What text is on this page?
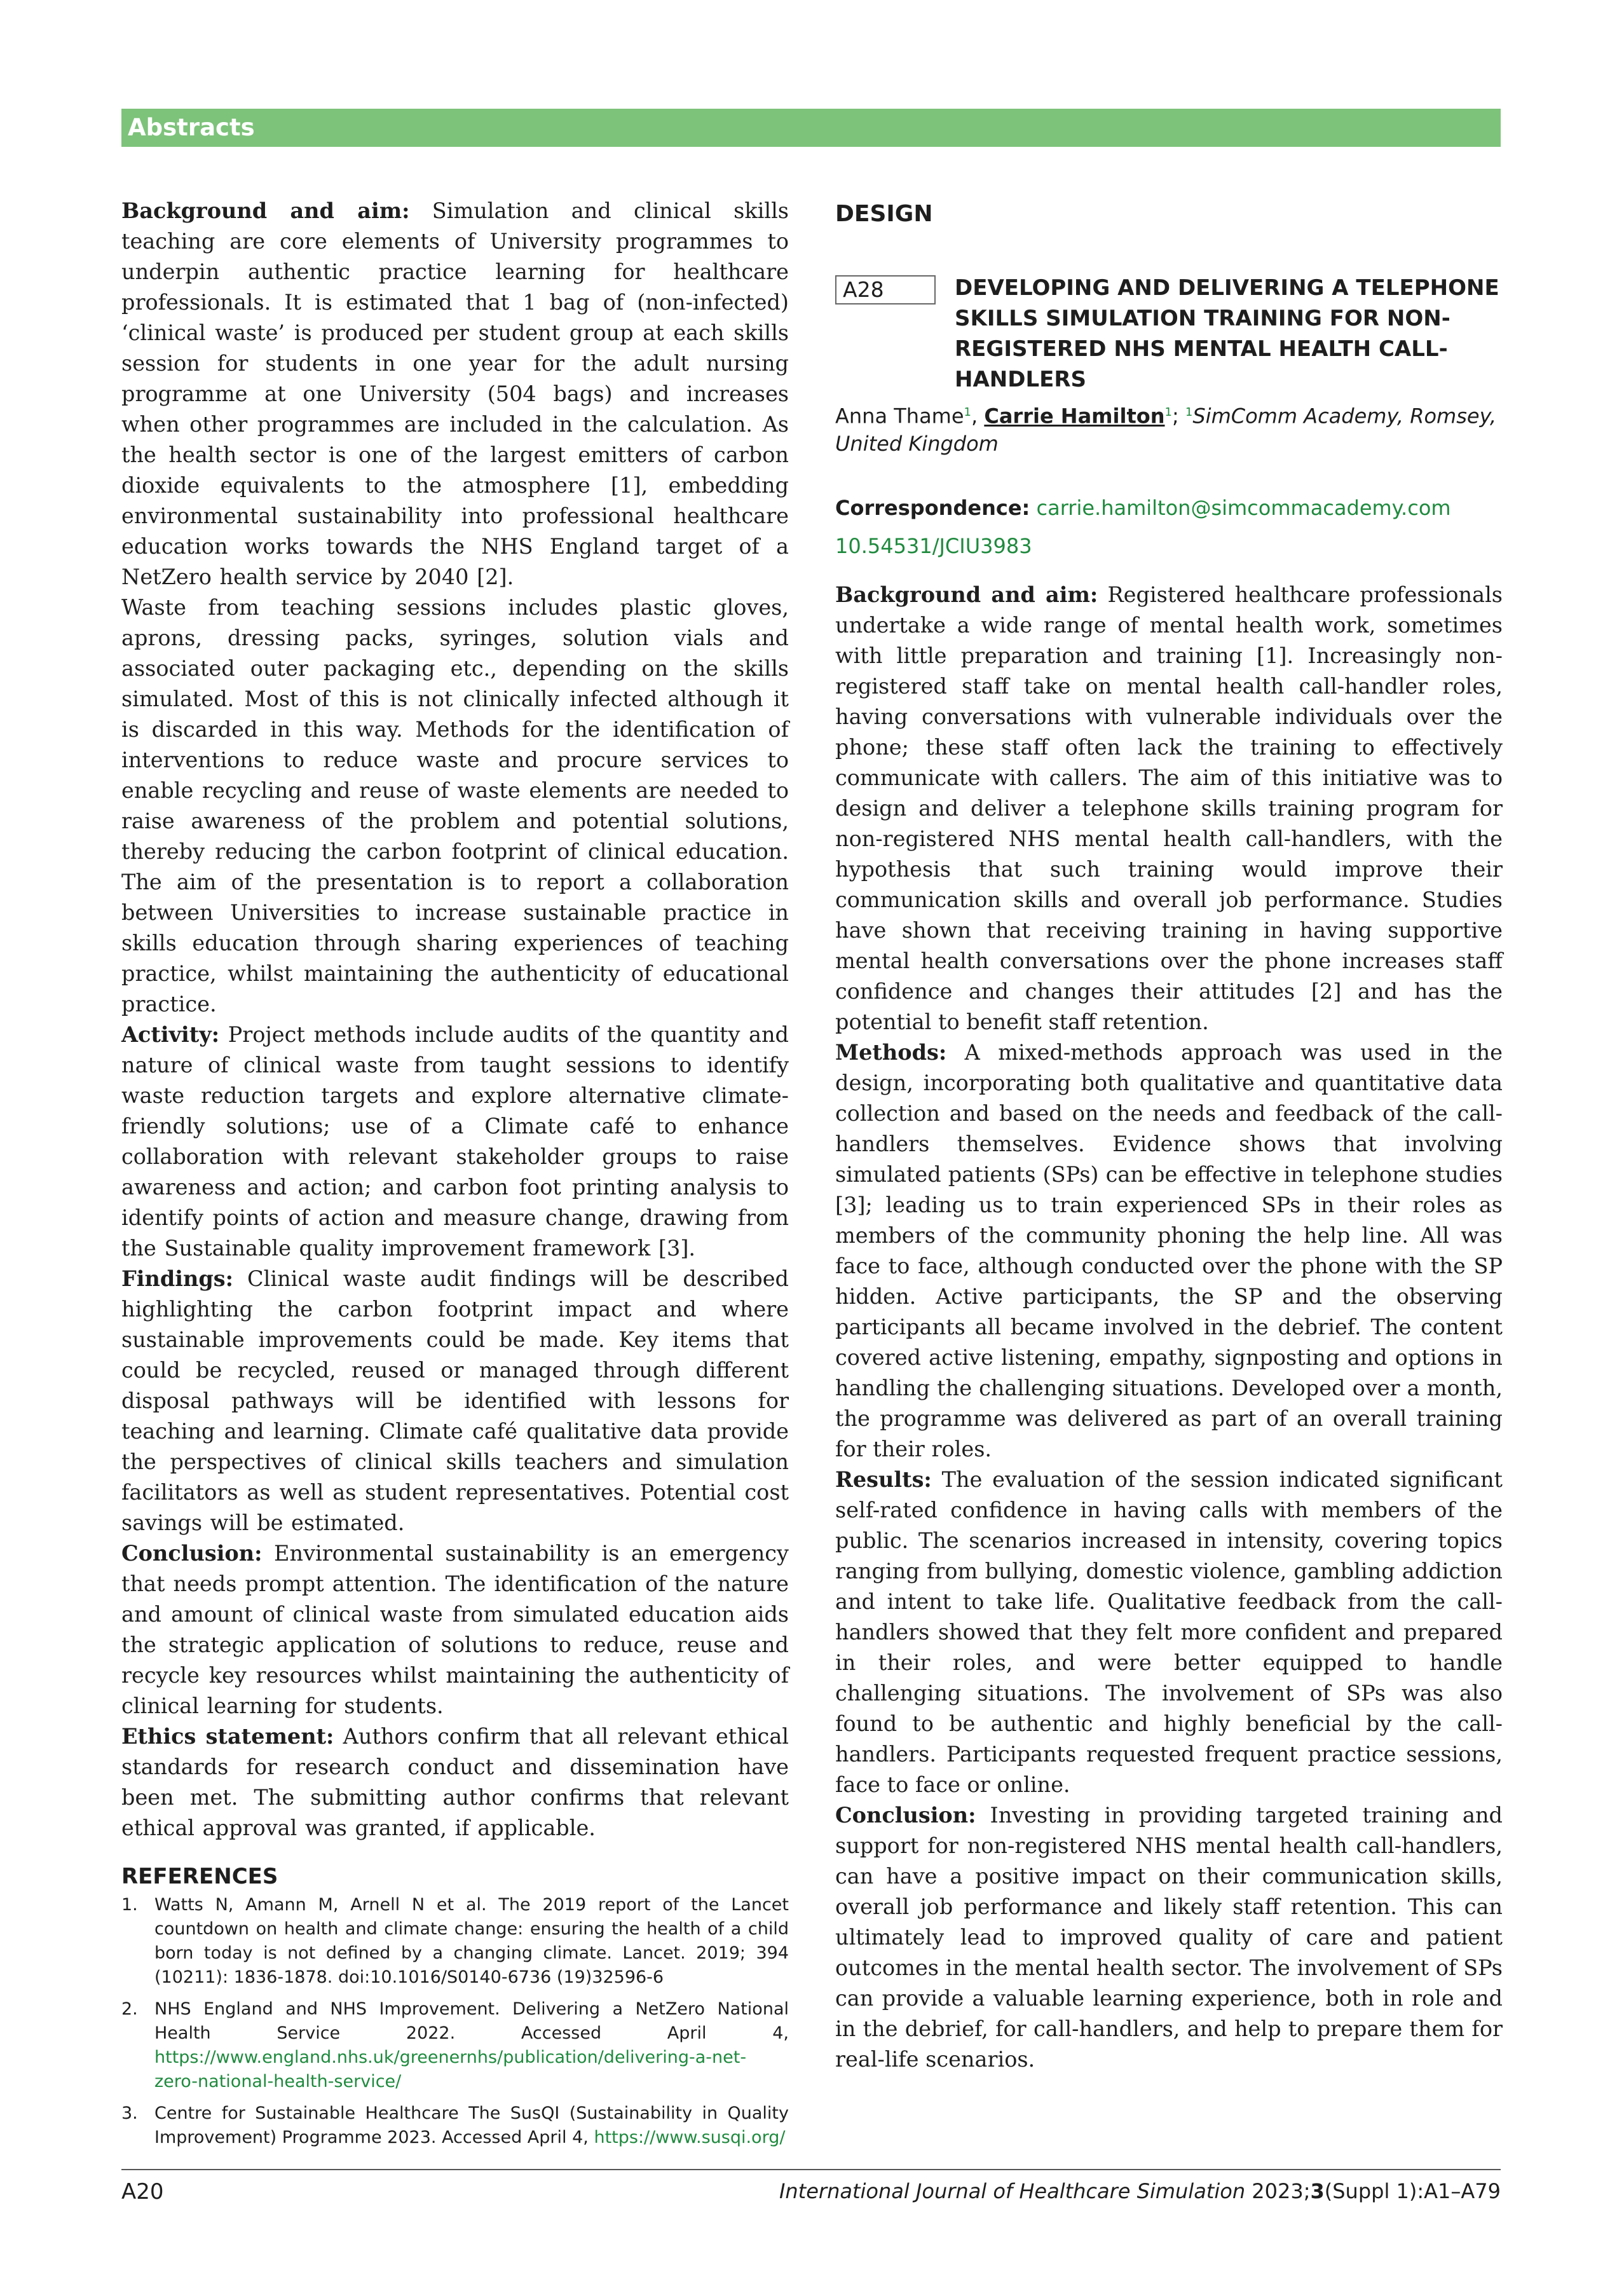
Abstracts

Background and aim: Simulation and clinical skills teaching are core elements of University programmes to underpin authentic practice learning for healthcare professionals. It is estimated that 1 bag of (non-infected) ‘clinical waste’ is produced per student group at each skills session for students in one year for the adult nursing programme at one University (504 bags) and increases when other programmes are included in the calculation. As the health sector is one of the largest emitters of carbon dioxide equivalents to the atmosphere [1], embedding environmental sustainability into professional healthcare education works towards the NHS England target of a NetZero health service by 2040 [2].

Waste from teaching sessions includes plastic gloves, aprons, dressing packs, syringes, solution vials and associated outer packaging etc., depending on the skills simulated. Most of this is not clinically infected although it is discarded in this way. Methods for the identification of interventions to reduce waste and procure services to enable recycling and reuse of waste elements are needed to raise awareness of the problem and potential solutions, thereby reducing the carbon footprint of clinical education. The aim of the presentation is to report a collaboration between Universities to increase sustainable practice in skills education through sharing experiences of teaching practice, whilst maintaining the authenticity of educational practice.

Activity: Project methods include audits of the quantity and nature of clinical waste from taught sessions to identify waste reduction targets and explore alternative climate-friendly solutions; use of a Climate café to enhance collaboration with relevant stakeholder groups to raise awareness and action; and carbon foot printing analysis to identify points of action and measure change, drawing from the Sustainable quality improvement framework [3].

Findings: Clinical waste audit findings will be described highlighting the carbon footprint impact and where sustainable improvements could be made. Key items that could be recycled, reused or managed through different disposal pathways will be identified with lessons for teaching and learning. Climate café qualitative data provide the perspectives of clinical skills teachers and simulation facilitators as well as student representatives. Potential cost savings will be estimated.

Conclusion: Environmental sustainability is an emergency that needs prompt attention. The identification of the nature and amount of clinical waste from simulated education aids the strategic application of solutions to reduce, reuse and recycle key resources whilst maintaining the authenticity of clinical learning for students.

Ethics statement: Authors confirm that all relevant ethical standards for research conduct and dissemination have been met. The submitting author confirms that relevant ethical approval was granted, if applicable.

REFERENCES
1. Watts N, Amann M, Arnell N et al. The 2019 report of the Lancet countdown on health and climate change: ensuring the health of a child born today is not defined by a changing climate. Lancet. 2019; 394 (10211): 1836-1878. doi:10.1016/S0140-6736 (19)32596-6
2. NHS England and NHS Improvement. Delivering a NetZero National Health Service 2022. Accessed April 4, https://www.england.nhs.uk/greenernhs/publication/delivering-a-net-zero-national-health-service/
3. Centre for Sustainable Healthcare The SusQI (Sustainability in Quality Improvement) Programme 2023. Accessed April 4, https://www.susqi.org/
DESIGN
A28	DEVELOPING AND DELIVERING A TELEPHONE SKILLS SIMULATION TRAINING FOR NON-REGISTERED NHS MENTAL HEALTH CALL-HANDLERS
Anna Thame$^1$, Carrie Hamilton$^1$; $^1$SimComm Academy, Romsey, United Kingdom
Correspondence: carrie.hamilton@simcommacademy.com
10.54531/JCIU3983

Background and aim: Registered healthcare professionals undertake a wide range of mental health work, sometimes with little preparation and training [1]. Increasingly non-registered staff take on mental health call-handler roles, having conversations with vulnerable individuals over the phone; these staff often lack the training to effectively communicate with callers. The aim of this initiative was to design and deliver a telephone skills training program for non-registered NHS mental health call-handlers, with the hypothesis that such training would improve their communication skills and overall job performance. Studies have shown that receiving training in having supportive mental health conversations over the phone increases staff confidence and changes their attitudes [2] and has the potential to benefit staff retention.

Methods: A mixed-methods approach was used in the design, incorporating both qualitative and quantitative data collection and based on the needs and feedback of the call-handlers themselves. Evidence shows that involving simulated patients (SPs) can be effective in telephone studies [3]; leading us to train experienced SPs in their roles as members of the community phoning the help line. All was face to face, although conducted over the phone with the SP hidden. Active participants, the SP and the observing participants all became involved in the debrief. The content covered active listening, empathy, signposting and options in handling the challenging situations. Developed over a month, the programme was delivered as part of an overall training for their roles.

Results: The evaluation of the session indicated significant self-rated confidence in having calls with members of the public. The scenarios increased in intensity, covering topics ranging from bullying, domestic violence, gambling addiction and intent to take life. Qualitative feedback from the call-handlers showed that they felt more confident and prepared in their roles, and were better equipped to handle challenging situations. The involvement of SPs was also found to be authentic and highly beneficial by the call-handlers. Participants requested frequent practice sessions, face to face or online.

Conclusion: Investing in providing targeted training and support for non-registered NHS mental health call-handlers, can have a positive impact on their communication skills, overall job performance and likely staff retention. This can ultimately lead to improved quality of care and patient outcomes in the mental health sector. The involvement of SPs can provide a valuable learning experience, both in role and in the debrief, for call-handlers, and help to prepare them for real-life scenarios.

A20	International Journal of Healthcare Simulation 2023;3(Suppl 1):A1–A79
